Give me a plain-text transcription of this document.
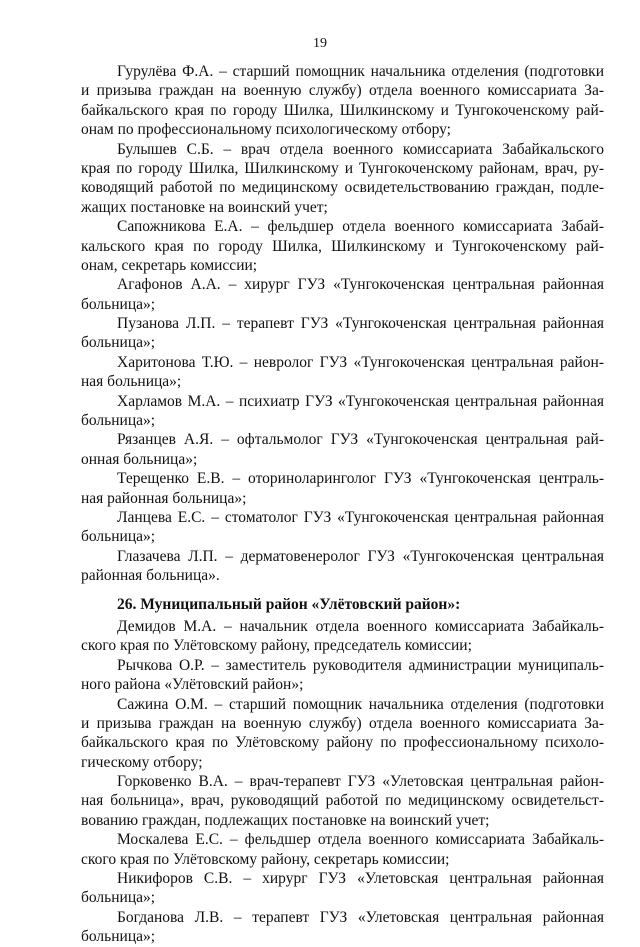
19
Гурулёва Ф.А. – старший помощник начальника отделения (подготовки
и призыва граждан на военную службу) отдела военного комиссариата За-
байкальского края по городу Шилка, Шилкинскому и Тунгокоченскому рай-
онам по профессиональному психологическому отбору;
Булышев С.Б. – врач отдела военного комиссариата Забайкальского
края по городу Шилка, Шилкинскому и Тунгокоченскому районам, врач, ру-
ководящий работой по медицинскому освидетельствованию граждан, подле-
жащих постановке на воинский учет;
Сапожникова Е.А. – фельдшер отдела военного комиссариата Забай-
кальского края по городу Шилка, Шилкинскому и Тунгокоченскому рай-
онам, секретарь комиссии;
Агафонов А.А. – хирург ГУЗ «Тунгокоченская центральная районная
больница»;
Пузанова Л.П. – терапевт ГУЗ «Тунгокоченская центральная районная
больница»;
Харитонова Т.Ю. – невролог ГУЗ «Тунгокоченская центральная район-
ная больница»;
Харламов М.А. – психиатр ГУЗ «Тунгокоченская центральная районная
больница»;
Рязанцев А.Я. – офтальмолог ГУЗ «Тунгокоченская центральная рай-
онная больница»;
Терещенко Е.В. – оториноларинголог ГУЗ «Тунгокоченская централь-
ная районная больница»;
Ланцева Е.С. – стоматолог ГУЗ «Тунгокоченская центральная районная
больница»;
Глазачева Л.П. – дерматовенеролог ГУЗ «Тунгокоченская центральная
районная больница».
26. Муниципальный район «Улётовский район»:
Демидов М.А. – начальник отдела военного комиссариата Забайкаль-
ского края по Улётовскому району, председатель комиссии;
Рычкова О.Р. – заместитель руководителя администрации муниципаль-
ного района «Улётовский район»;
Сажина О.М. – старший помощник начальника отделения (подготовки
и призыва граждан на военную службу) отдела военного комиссариата За-
байкальского края по Улётовскому району по профессиональному психоло-
гическому отбору;
Горковенко В.А. – врач-терапевт ГУЗ «Улетовская центральная район-
ная больница», врач, руководящий работой по медицинскому освидетельст-
вованию граждан, подлежащих постановке на воинский учет;
Москалева Е.С. – фельдшер отдела военного комиссариата Забайкаль-
ского края по Улётовскому району, секретарь комиссии;
Никифоров С.В. – хирург ГУЗ «Улетовская центральная районная
больница»;
Богданова Л.В. – терапевт ГУЗ «Улетовская центральная районная
больница»;
